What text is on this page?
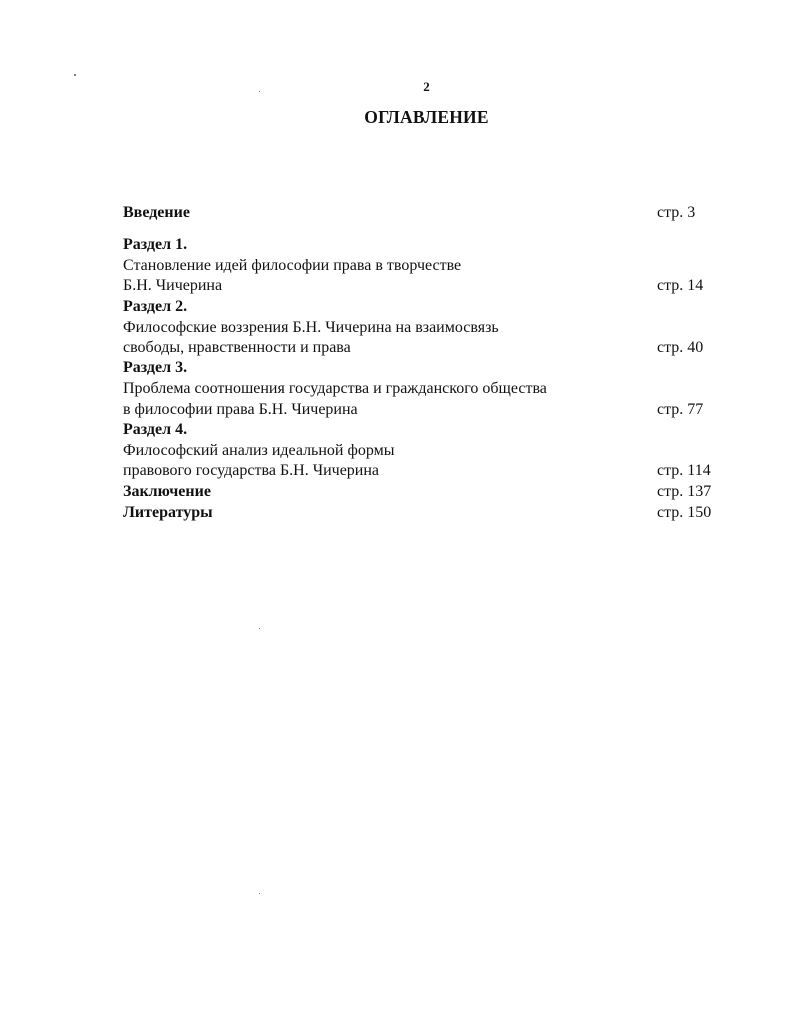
2
ОГЛАВЛЕНИЕ
Введение	стр. 3
Раздел 1.
Становление идей философии права в творчестве
Б.Н. Чичерина	стр. 14
Раздел 2.
Философские воззрения Б.Н. Чичерина на взаимосвязь
свободы, нравственности и права	стр. 40
Раздел 3.
Проблема соотношения государства и гражданского общества
в философии права Б.Н. Чичерина	стр. 77
Раздел 4.
Философский анализ идеальной формы
правового государства Б.Н. Чичерина	стр. 114
Заключение	стр. 137
Литературы	стр. 150
